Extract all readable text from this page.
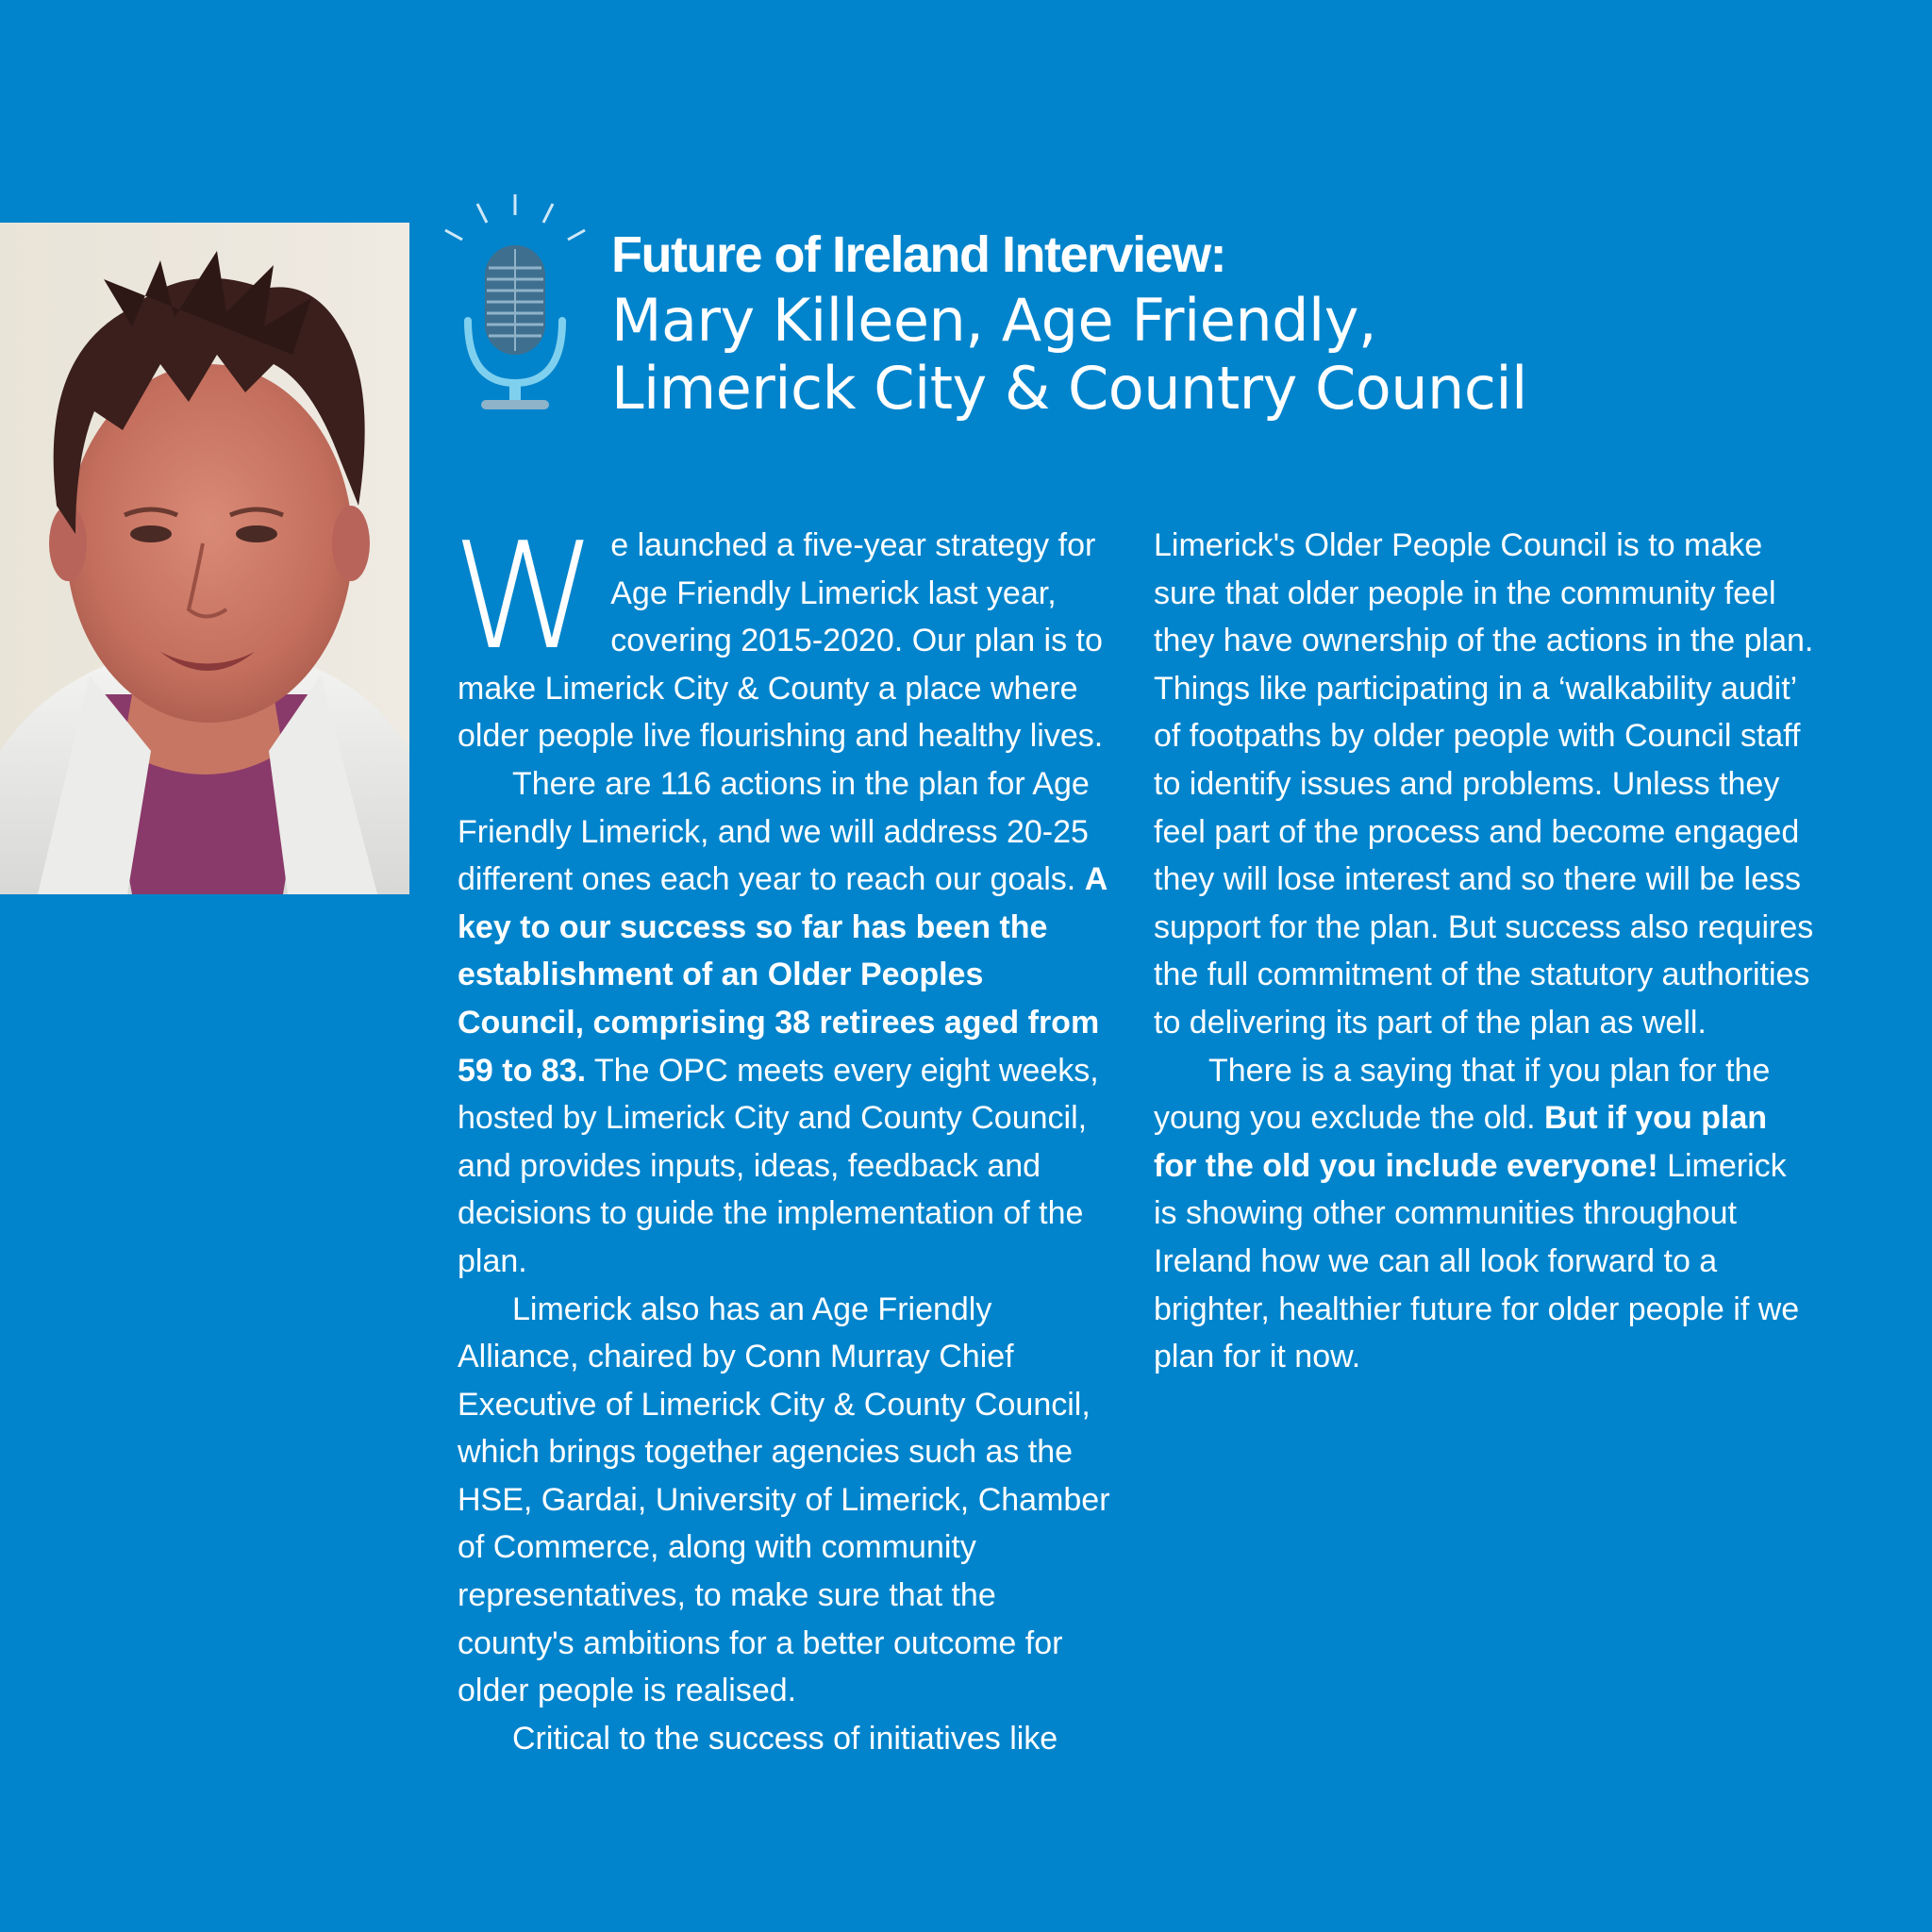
Future of Ireland Interview:

Mary Killeen, Age Friendly,

Limerick City & Country Council

W e launched a five-year strategy for Age Friendly Limerick last year, covering 2015-2020. Our plan is to make Limerick City & County a place where older people live flourishing and healthy lives.

There are 116 actions in the plan for Age Friendly Limerick, and we will address 20-25 different ones each year to reach our goals. A key to our success so far has been the establishment of an Older Peoples Council, comprising 38 retirees aged from 59 to 83. The OPC meets every eight weeks, hosted by Limerick City and County Council, and provides inputs, ideas, feedback and decisions to guide the implementation of the plan.

Limerick also has an Age Friendly Alliance, chaired by Conn Murray Chief Executive of Limerick City & County Council, which brings together agencies such as the HSE, Gardai, University of Limerick, Chamber of Commerce, along with community representatives, to make sure that the county's ambitions for a better outcome for older people is realised.

Critical to the success of initiatives like

Limerick's Older People Council is to make sure that older people in the community feel they have ownership of the actions in the plan. Things like participating in a ‘walkability audit’ of footpaths by older people with Council staff to identify issues and problems. Unless they feel part of the process and become engaged they will lose interest and so there will be less support for the plan. But success also requires the full commitment of the statutory authorities to delivering its part of the plan as well.

There is a saying that if you plan for the young you exclude the old. But if you plan for the old you include everyone! Limerick is showing other communities throughout Ireland how we can all look forward to a brighter, healthier future for older people if we plan for it now.
